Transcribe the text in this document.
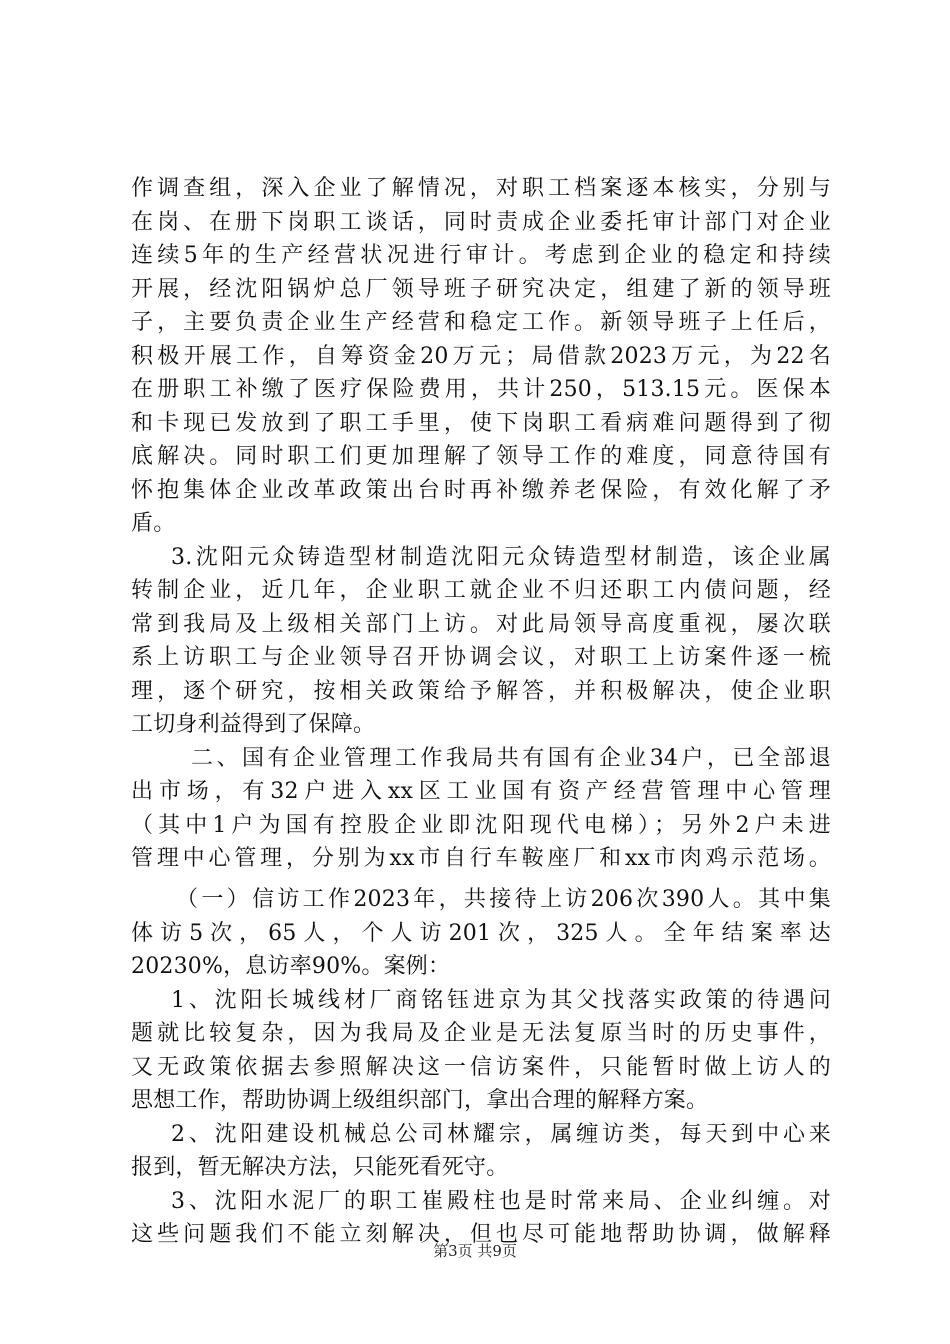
作调查组，深入企业了解情况，对职工档案逐本核实，分别与
在岗、在册下岗职工谈话，同时责成企业委托审计部门对企业
连续5年的生产经营状况进行审计。考虑到企业的稳定和持续
开展，经沈阳锅炉总厂领导班子研究决定，组建了新的领导班
子，主要负责企业生产经营和稳定工作。新领导班子上任后，
积极开展工作，自筹资金20万元；局借款2023万元，为22名
在册职工补缴了医疗保险费用，共计250，513.15元。医保本
和卡现已发放到了职工手里，使下岗职工看病难问题得到了彻
底解决。同时职工们更加理解了领导工作的难度，同意待国有
怀抱集体企业改革政策出台时再补缴养老保险，有效化解了矛
盾。
3.沈阳元众铸造型材制造沈阳元众铸造型材制造，该企业属
转制企业，近几年，企业职工就企业不归还职工内债问题，经
常到我局及上级相关部门上访。对此局领导高度重视，屡次联
系上访职工与企业领导召开协调会议，对职工上访案件逐一梳
理，逐个研究，按相关政策给予解答，并积极解决，使企业职
工切身利益得到了保障。
二、国有企业管理工作我局共有国有企业34户，已全部退
出市场，有32户进入xx区工业国有资产经营管理中心管理
（其中1户为国有控股企业即沈阳现代电梯）；另外2户未进
管理中心管理，分别为xx市自行车鞍座厂和xx市肉鸡示范场。
（一）信访工作2023年，共接待上访206次390人。其中集
体访5次，65人，个人访201次，325人。全年结案率达
20230%，息访率90%。案例：
1、沈阳长城线材厂商铭钰进京为其父找落实政策的待遇问
题就比较复杂，因为我局及企业是无法复原当时的历史事件，
又无政策依据去参照解决这一信访案件，只能暂时做上访人的
思想工作，帮助协调上级组织部门，拿出合理的解释方案。
2、沈阳建设机械总公司林耀宗，属缠访类，每天到中心来
报到，暂无解决方法，只能死看死守。
3、沈阳水泥厂的职工崔殿柱也是时常来局、企业纠缠。对
这些问题我们不能立刻解决，但也尽可能地帮助协调，做解释
第3页 共9页
